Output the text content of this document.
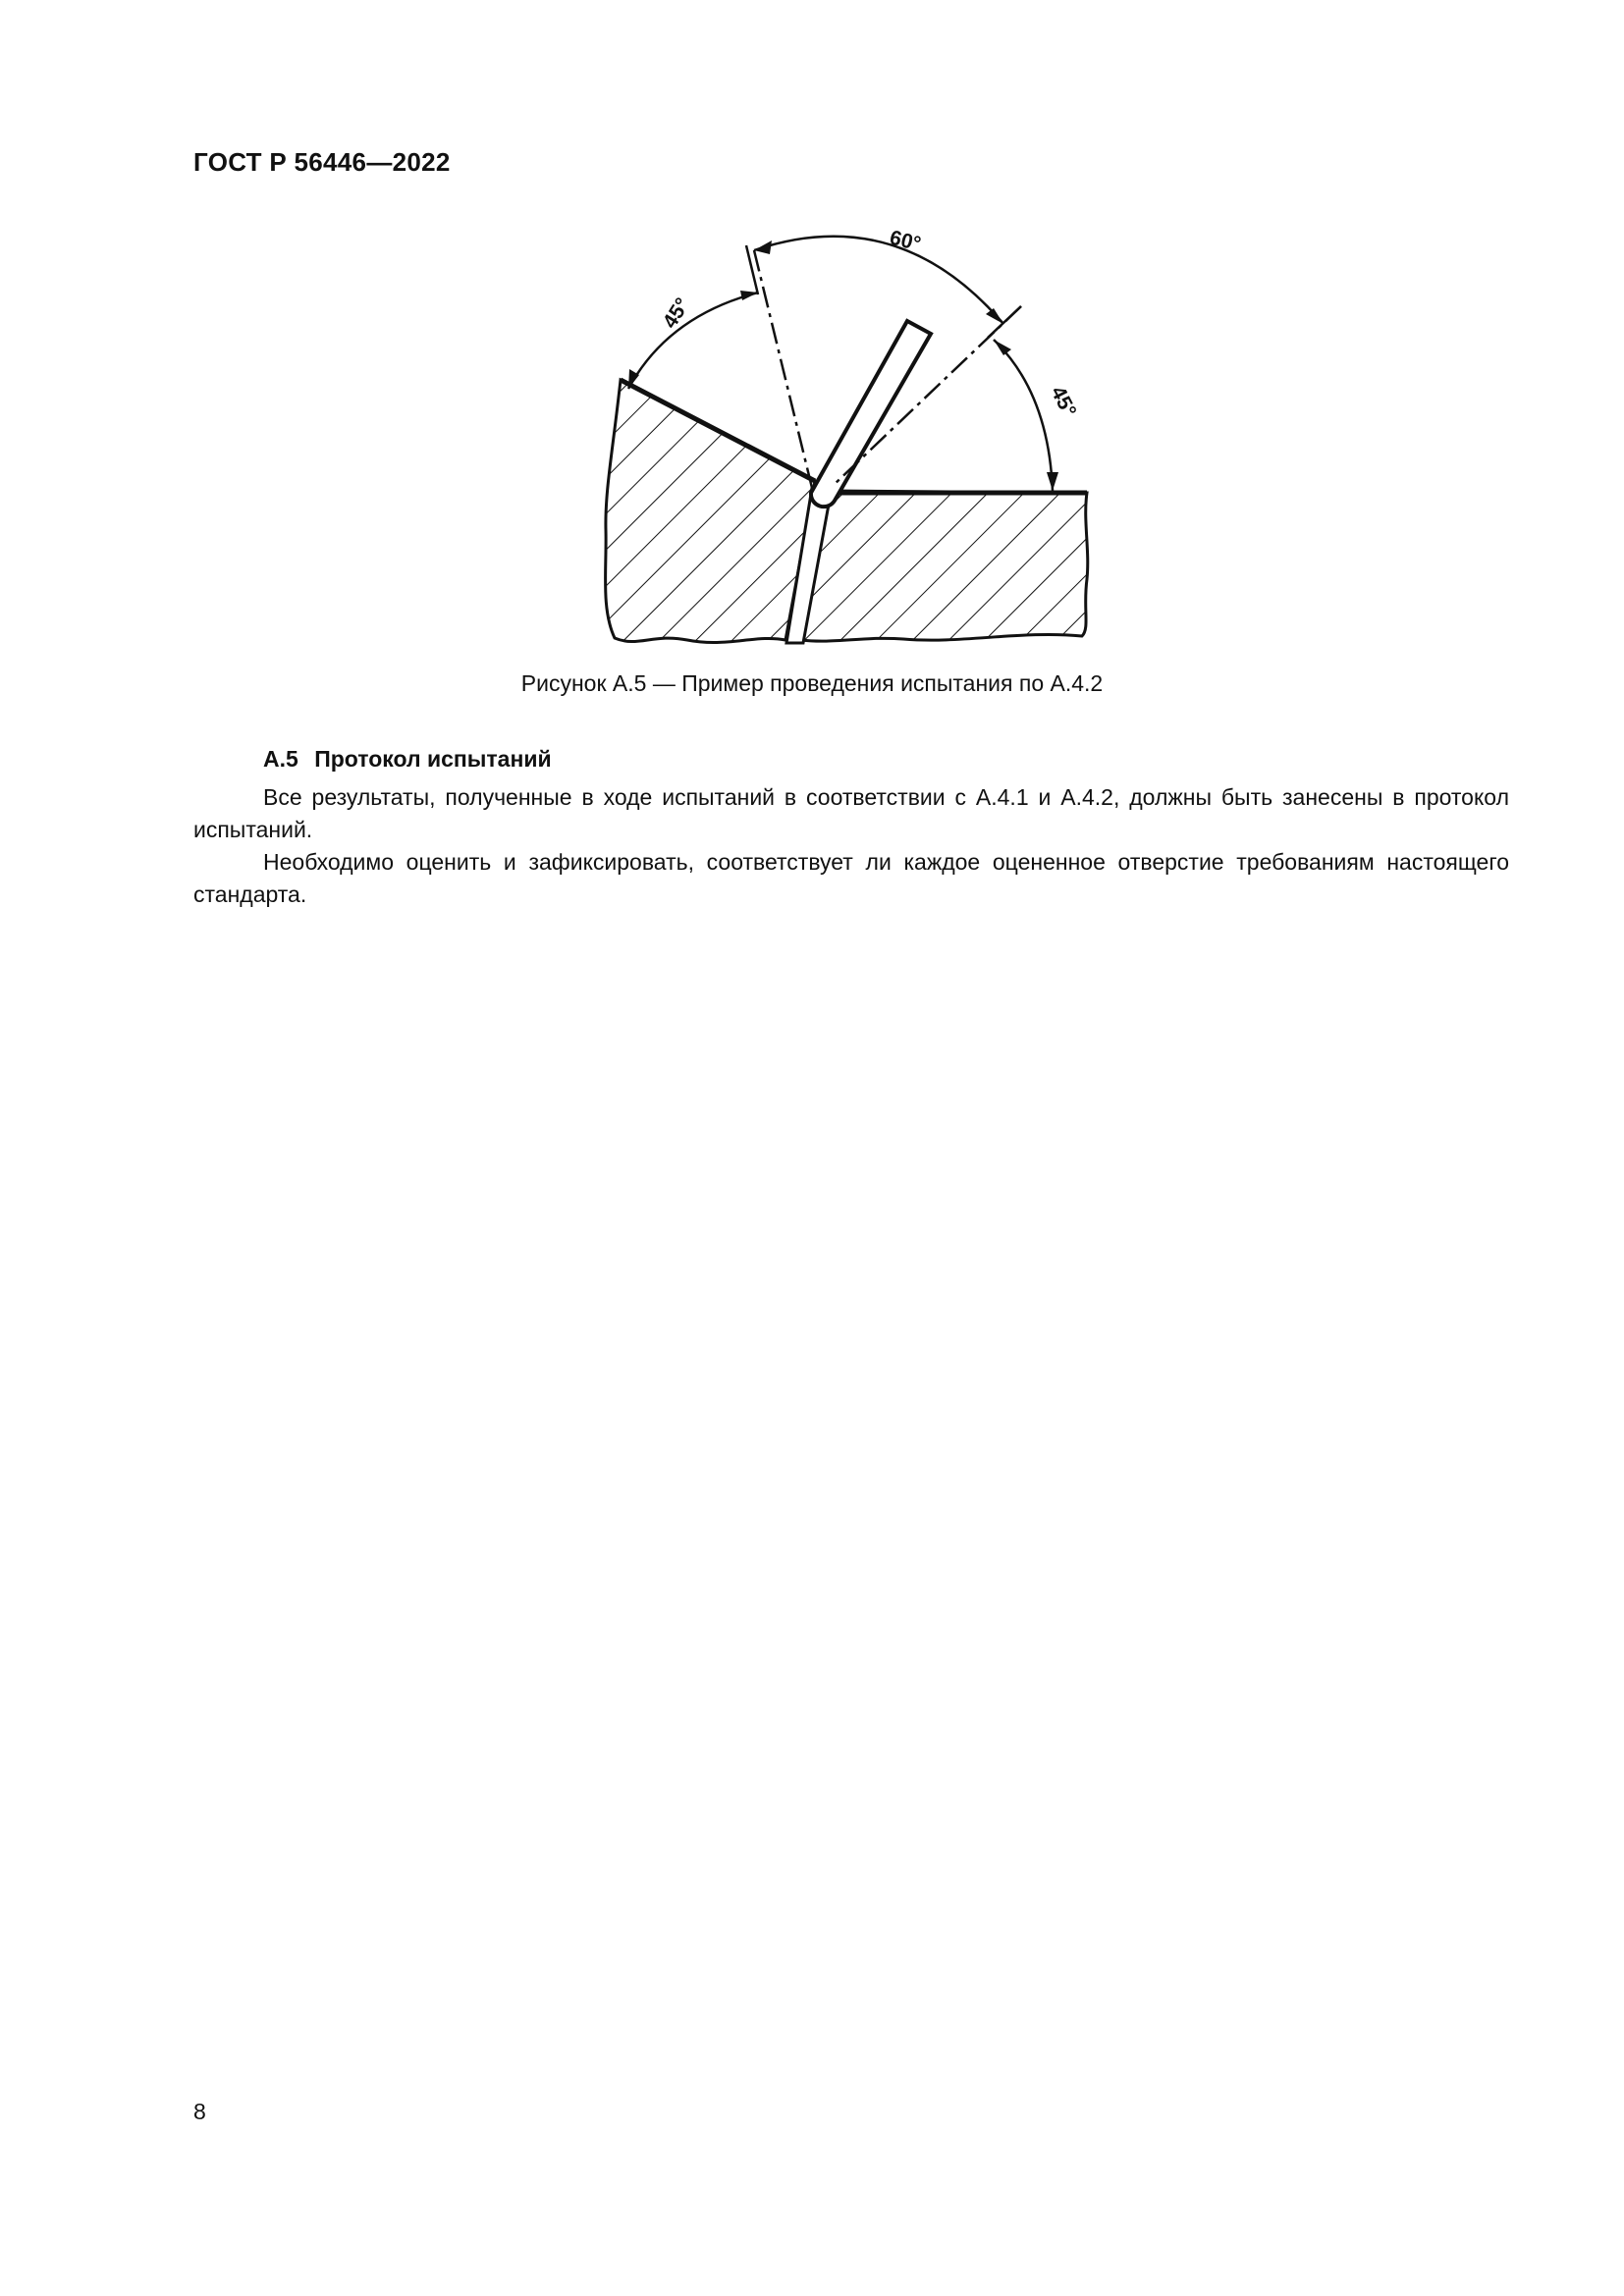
ГОСТ Р 56446—2022
60°
45°
45°
Рисунок А.5 — Пример проведения испытания по А.4.2
А.5 Протокол испытаний

Все результаты, полученные в ходе испытаний в соответствии с А.4.1 и А.4.2, должны быть занесены в протокол испытаний.

Необходимо оценить и зафиксировать, соответствует ли каждое оцененное отверстие требованиям настоящего стандарта.

8
